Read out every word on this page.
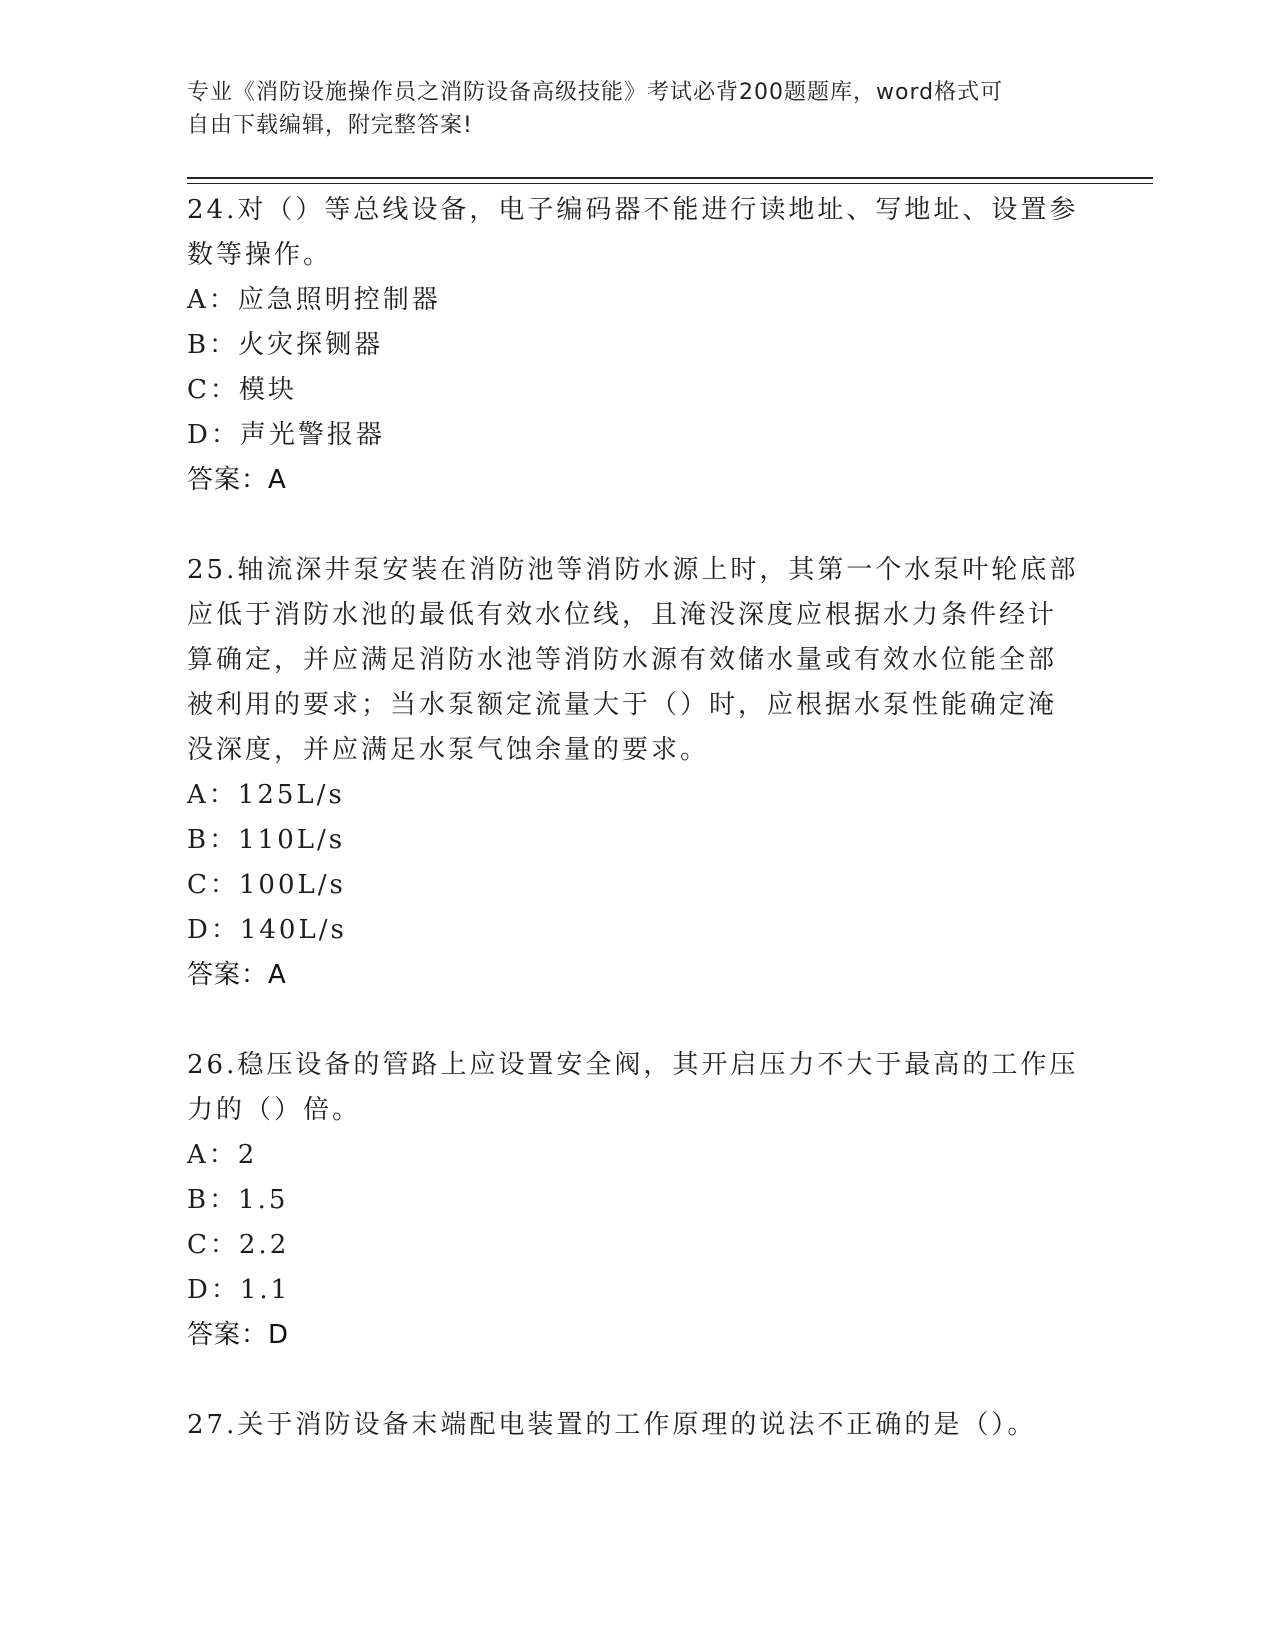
专业《消防设施操作员之消防设备高级技能》考试必背200题题库，word格式可
自由下载编辑，附完整答案!
24.对（）等总线设备，电子编码器不能进行读地址、写地址、设置参
数等操作。
A：应急照明控制器
B：火灾探铡器
C：模块
D：声光警报器
答案：A
25.轴流深井泵安装在消防池等消防水源上时，其第一个水泵叶轮底部
应低于消防水池的最低有效水位线，且淹没深度应根据水力条件经计
算确定，并应满足消防水池等消防水源有效储水量或有效水位能全部
被利用的要求；当水泵额定流量大于（）时，应根据水泵性能确定淹
没深度，并应满足水泵气蚀余量的要求。
A：125L/s
B：110L/s
C：100L/s
D：140L/s
答案：A
26.稳压设备的管路上应设置安全阀，其开启压力不大于最高的工作压
力的（）倍。
A：2
B：1.5
C：2.2
D：1.1
答案：D
27.关于消防设备末端配电装置的工作原理的说法不正确的是（）。
